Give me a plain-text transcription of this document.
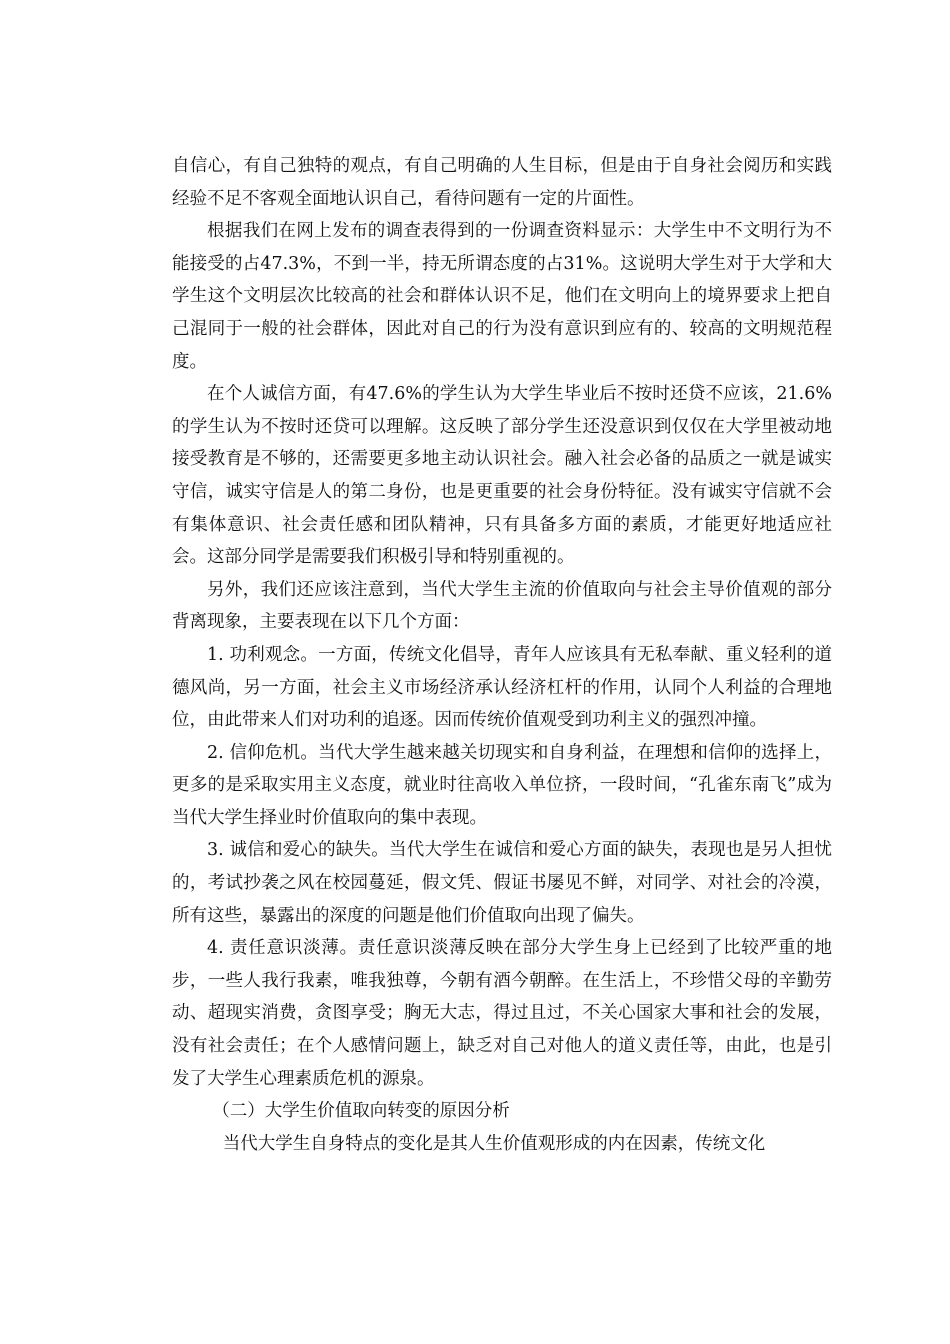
自信心，有自己独特的观点，有自己明确的人生目标，但是由于自身社会阅历和实践经验不足不客观全面地认识自己，看待问题有一定的片面性。

根据我们在网上发布的调查表得到的一份调查资料显示：大学生中不文明行为不能接受的占47.3%，不到一半，持无所谓态度的占31%。这说明大学生对于大学和大学生这个文明层次比较高的社会和群体认识不足，他们在文明向上的境界要求上把自己混同于一般的社会群体，因此对自己的行为没有意识到应有的、较高的文明规范程度。

在个人诚信方面，有47.6%的学生认为大学生毕业后不按时还贷不应该，21.6%的学生认为不按时还贷可以理解。这反映了部分学生还没意识到仅仅在大学里被动地接受教育是不够的，还需要更多地主动认识社会。融入社会必备的品质之一就是诚实守信，诚实守信是人的第二身份，也是更重要的社会身份特征。没有诚实守信就不会有集体意识、社会责任感和团队精神，只有具备多方面的素质，才能更好地适应社会。这部分同学是需要我们积极引导和特别重视的。

另外，我们还应该注意到，当代大学生主流的价值取向与社会主导价值观的部分背离现象，主要表现在以下几个方面：

1. 功利观念。一方面，传统文化倡导，青年人应该具有无私奉献、重义轻利的道德风尚，另一方面，社会主义市场经济承认经济杠杆的作用，认同个人利益的合理地位，由此带来人们对功利的追逐。因而传统价值观受到功利主义的强烈冲撞。

2. 信仰危机。当代大学生越来越关切现实和自身利益，在理想和信仰的选择上，更多的是采取实用主义态度，就业时往高收入单位挤，一段时间，“孔雀东南飞”成为当代大学生择业时价值取向的集中表现。

3. 诚信和爱心的缺失。当代大学生在诚信和爱心方面的缺失，表现也是另人担忧的，考试抄袭之风在校园蔓延，假文凭、假证书屡见不鲜，对同学、对社会的冷漠，所有这些，暴露出的深度的问题是他们价值取向出现了偏失。

4. 责任意识淡薄。责任意识淡薄反映在部分大学生身上已经到了比较严重的地步，一些人我行我素，唯我独尊，今朝有酒今朝醉。在生活上，不珍惜父母的辛勤劳动、超现实消费，贪图享受；胸无大志，得过且过，不关心国家大事和社会的发展，没有社会责任；在个人感情问题上，缺乏对自己对他人的道义责任等，由此，也是引发了大学生心理素质危机的源泉。

（二）大学生价值取向转变的原因分析

当代大学生自身特点的变化是其人生价值观形成的内在因素，传统文化
